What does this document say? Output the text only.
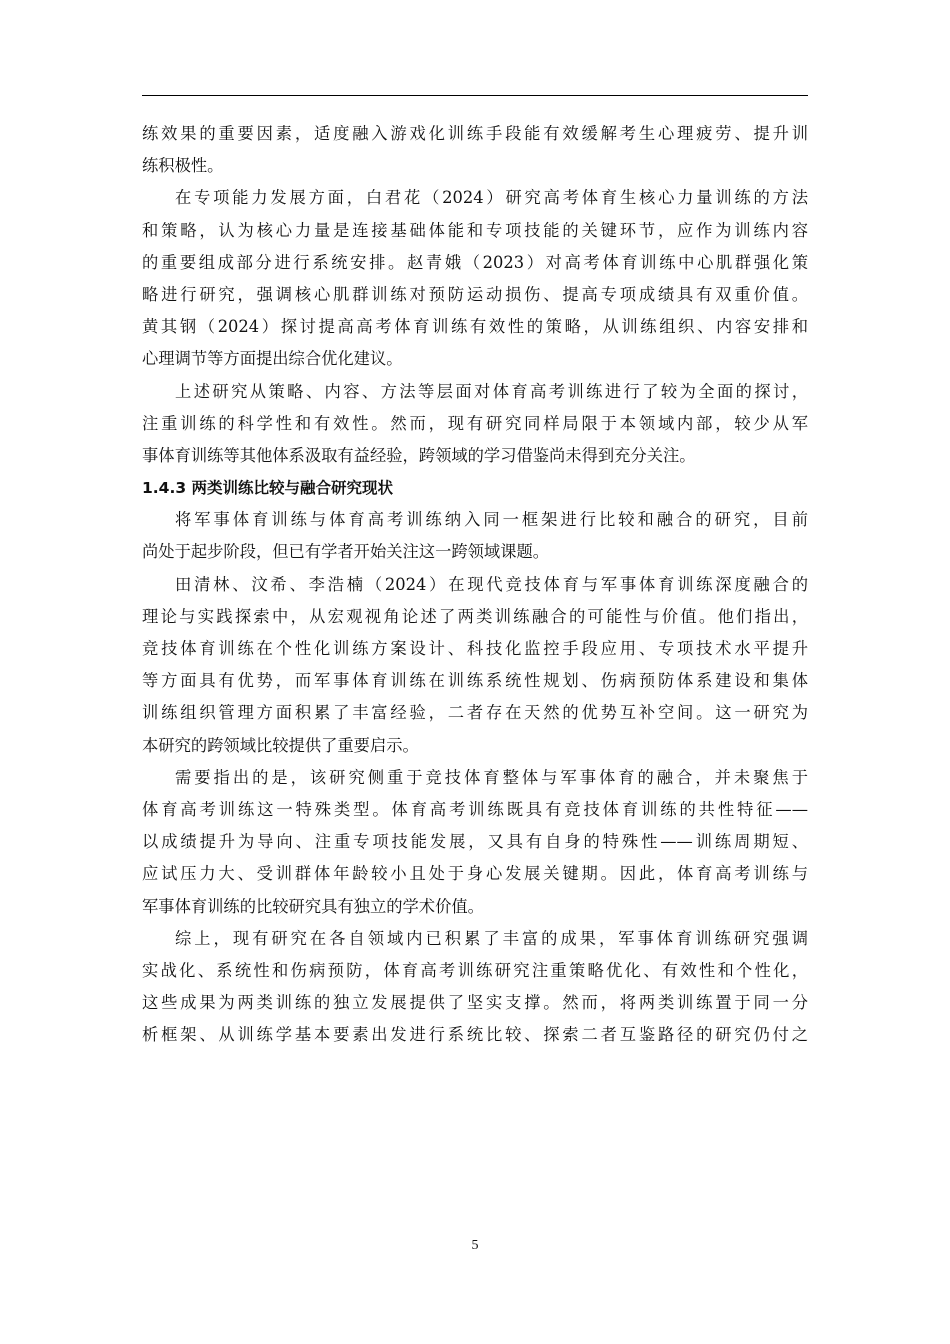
练效果的重要因素，适度融入游戏化训练手段能有效缓解考生心理疲劳、提升训
练积极性。
在专项能力发展方面，白君花（2024）研究高考体育生核心力量训练的方法
和策略，认为核心力量是连接基础体能和专项技能的关键环节，应作为训练内容
的重要组成部分进行系统安排。赵青娥（2023）对高考体育训练中心肌群强化策
略进行研究，强调核心肌群训练对预防运动损伤、提高专项成绩具有双重价值。
黄其钢（2024）探讨提高高考体育训练有效性的策略，从训练组织、内容安排和
心理调节等方面提出综合优化建议。
上述研究从策略、内容、方法等层面对体育高考训练进行了较为全面的探讨，
注重训练的科学性和有效性。然而，现有研究同样局限于本领域内部，较少从军
事体育训练等其他体系汲取有益经验，跨领域的学习借鉴尚未得到充分关注。
1.4.3 两类训练比较与融合研究现状
将军事体育训练与体育高考训练纳入同一框架进行比较和融合的研究，目前
尚处于起步阶段，但已有学者开始关注这一跨领域课题。
田清林、汶希、李浩楠（2024）在现代竞技体育与军事体育训练深度融合的
理论与实践探索中，从宏观视角论述了两类训练融合的可能性与价值。他们指出，
竞技体育训练在个性化训练方案设计、科技化监控手段应用、专项技术水平提升
等方面具有优势，而军事体育训练在训练系统性规划、伤病预防体系建设和集体
训练组织管理方面积累了丰富经验，二者存在天然的优势互补空间。这一研究为
本研究的跨领域比较提供了重要启示。
需要指出的是，该研究侧重于竞技体育整体与军事体育的融合，并未聚焦于
体育高考训练这一特殊类型。体育高考训练既具有竞技体育训练的共性特征——
以成绩提升为导向、注重专项技能发展，又具有自身的特殊性——训练周期短、
应试压力大、受训群体年龄较小且处于身心发展关键期。因此，体育高考训练与
军事体育训练的比较研究具有独立的学术价值。
综上，现有研究在各自领域内已积累了丰富的成果，军事体育训练研究强调
实战化、系统性和伤病预防，体育高考训练研究注重策略优化、有效性和个性化，
这些成果为两类训练的独立发展提供了坚实支撑。然而，将两类训练置于同一分
析框架、从训练学基本要素出发进行系统比较、探索二者互鉴路径的研究仍付之
5
